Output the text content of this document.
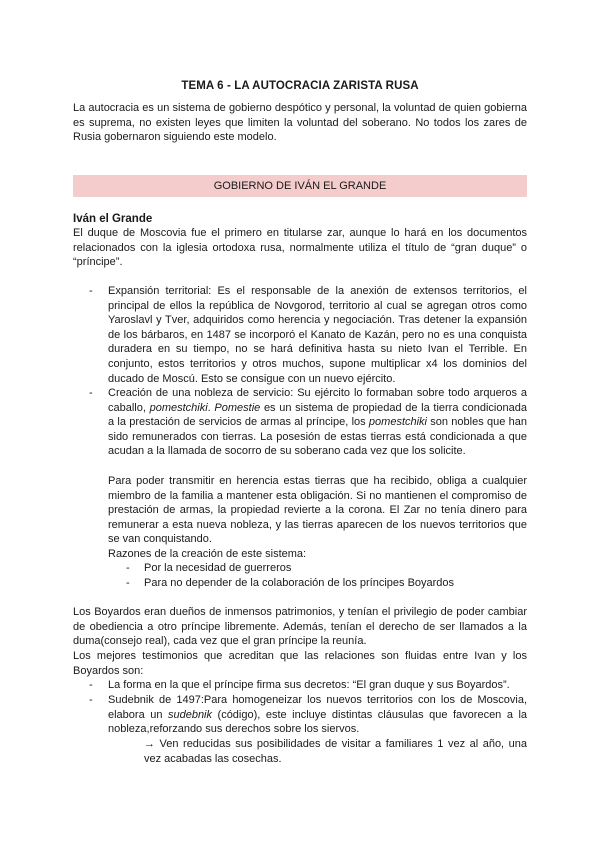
TEMA 6 - LA AUTOCRACIA ZARISTA RUSA

La autocracia es un sistema de gobierno despótico y personal, la voluntad de quien gobierna es suprema, no existen leyes que limiten la voluntad del soberano. No todos los zares de Rusia gobernaron siguiendo este modelo.

GOBIERNO DE IVÁN EL GRANDE
Iván el Grande

El duque de Moscovia fue el primero en titularse zar, aunque lo hará en los documentos relacionados con la iglesia ortodoxa rusa, normalmente utiliza el título de “gran duque” o “príncipe”.

- Expansión territorial: Es el responsable de la anexión de extensos territorios, el principal de ellos la república de Novgorod, territorio al cual se agregan otros como Yaroslavl y Tver, adquiridos como herencia y negociación. Tras detener la expansión de los bárbaros, en 1487 se incorporó el Kanato de Kazán, pero no es una conquista duradera en su tiempo, no se hará definitiva hasta su nieto Ivan el Terrible. En conjunto, estos territorios y otros muchos, supone multiplicar x4 los dominios del ducado de Moscú. Esto se consigue con un nuevo ejército.

- Creación de una nobleza de servicio: Su ejército lo formaban sobre todo arqueros a caballo, pomestchiki. Pomestie es un sistema de propiedad de la tierra condicionada a la prestación de servicios de armas al príncipe, los pomestchiki son nobles que han sido remunerados con tierras. La posesión de estas tierras está condicionada a que acudan a la llamada de socorro de su soberano cada vez que los solicite.

Para poder transmitir en herencia estas tierras que ha recibido, obliga a cualquier miembro de la familia a mantener esta obligación. Si no mantienen el compromiso de prestación de armas, la propiedad revierte a la corona. El Zar no tenía dinero para remunerar a esta nueva nobleza, y las tierras aparecen de los nuevos territorios que se van conquistando.

Razones de la creación de este sistema:

- Por la necesidad de guerreros

- Para no depender de la colaboración de los príncipes Boyardos

Los Boyardos eran dueños de inmensos patrimonios, y tenían el privilegio de poder cambiar de obediencia a otro príncipe libremente. Además, tenían el derecho de ser llamados a la duma(consejo real), cada vez que el gran príncipe la reunía.

Los mejores testimonios que acreditan que las relaciones son fluidas entre Ivan y los Boyardos son:

- La forma en la que el príncipe firma sus decretos: “El gran duque y sus Boyardos”.

- Sudebnik de 1497:Para homogeneizar los nuevos territorios con los de Moscovia, elabora un sudebnik (código), este incluye distintas cláusulas que favorecen a la nobleza,reforzando sus derechos sobre los siervos.

→ Ven reducidas sus posibilidades de visitar a familiares 1 vez al año, una vez acabadas las cosechas.
